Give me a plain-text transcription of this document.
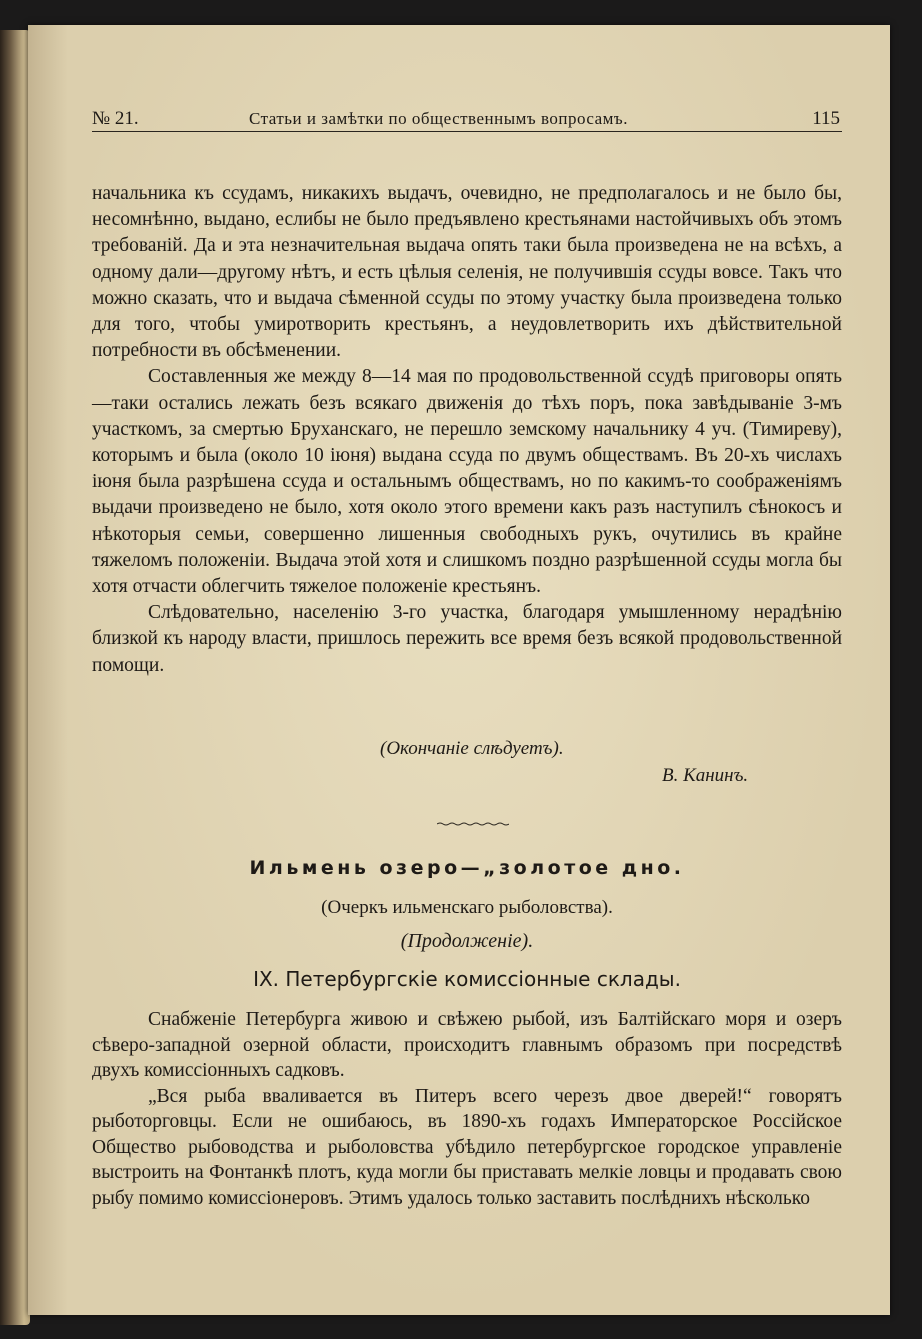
№ 21.	Статьи и замѣтки по общественнымъ вопросамъ.	115

начальника къ ссудамъ, никакихъ выдачъ, очевидно, не предполагалось и не было бы, несомнѣнно, выдано, еслибы не было предъявлено крестьянами настойчивыхъ объ этомъ требованій. Да и эта незначительная выдача опять таки была произведена не на всѣхъ, а одному дали—другому нѣтъ, и есть цѣлыя селенія, не получившія ссуды вовсе. Такъ что можно сказать, что и выдача сѣменной ссуды по этому участку была произведена только для того, чтобы умиротворить крестьянъ, а неудовлетворить ихъ дѣйствительной потребности въ обсѣменении.

Составленныя же между 8—14 мая по продовольственной ссудѣ приговоры опять—таки остались лежать безъ всякаго движенія до тѣхъ поръ, пока завѣдываніе 3-мъ участкомъ, за смертью Бруханскаго, не перешло земскому начальнику 4 уч. (Тимиреву), которымъ и была (около 10 іюня) выдана ссуда по двумъ обществамъ. Въ 20-хъ числахъ іюня была разрѣшена ссуда и остальнымъ обществамъ, но по какимъ-то соображеніямъ выдачи произведено не было, хотя около этого времени какъ разъ наступилъ сѣнокосъ и нѣкоторыя семьи, совершенно лишенныя свободныхъ рукъ, очутились въ крайне тяжеломъ положеніи. Выдача этой хотя и слишкомъ поздно разрѣшенной ссуды могла бы хотя отчасти облегчить тяжелое положеніе крестьянъ.

Слѣдовательно, населенію 3-го участка, благодаря умышленному нерадѣнію близкой къ народу власти, пришлось пережить все время безъ всякой продовольственной помощи.

(Окончаніе слѣдуетъ).
В. Канинъ.
Ильмень озеро—„золотое дно.
(Очеркъ ильменскаго рыболовства).
(Продолженіе).
IX. Петербургскіе комиссіонные склады.

Снабженіе Петербурга живою и свѣжею рыбой, изъ Балтійскаго моря и озеръ сѣверо-западной озерной области, происходитъ главнымъ образомъ при посредствѣ двухъ комиссіонныхъ садковъ.

„Вся рыба вваливается въ Питеръ всего черезъ двое дверей!“ говорятъ рыботорговцы. Если не ошибаюсь, въ 1890-хъ годахъ Императорское Россійское Общество рыбоводства и рыболовства убѣдило петербургское городское управленіе выстроить на Фонтанкѣ плотъ, куда могли бы приставать мелкіе ловцы и продавать свою рыбу помимо комиссіонеровъ. Этимъ удалось только заставить послѣднихъ нѣсколько
